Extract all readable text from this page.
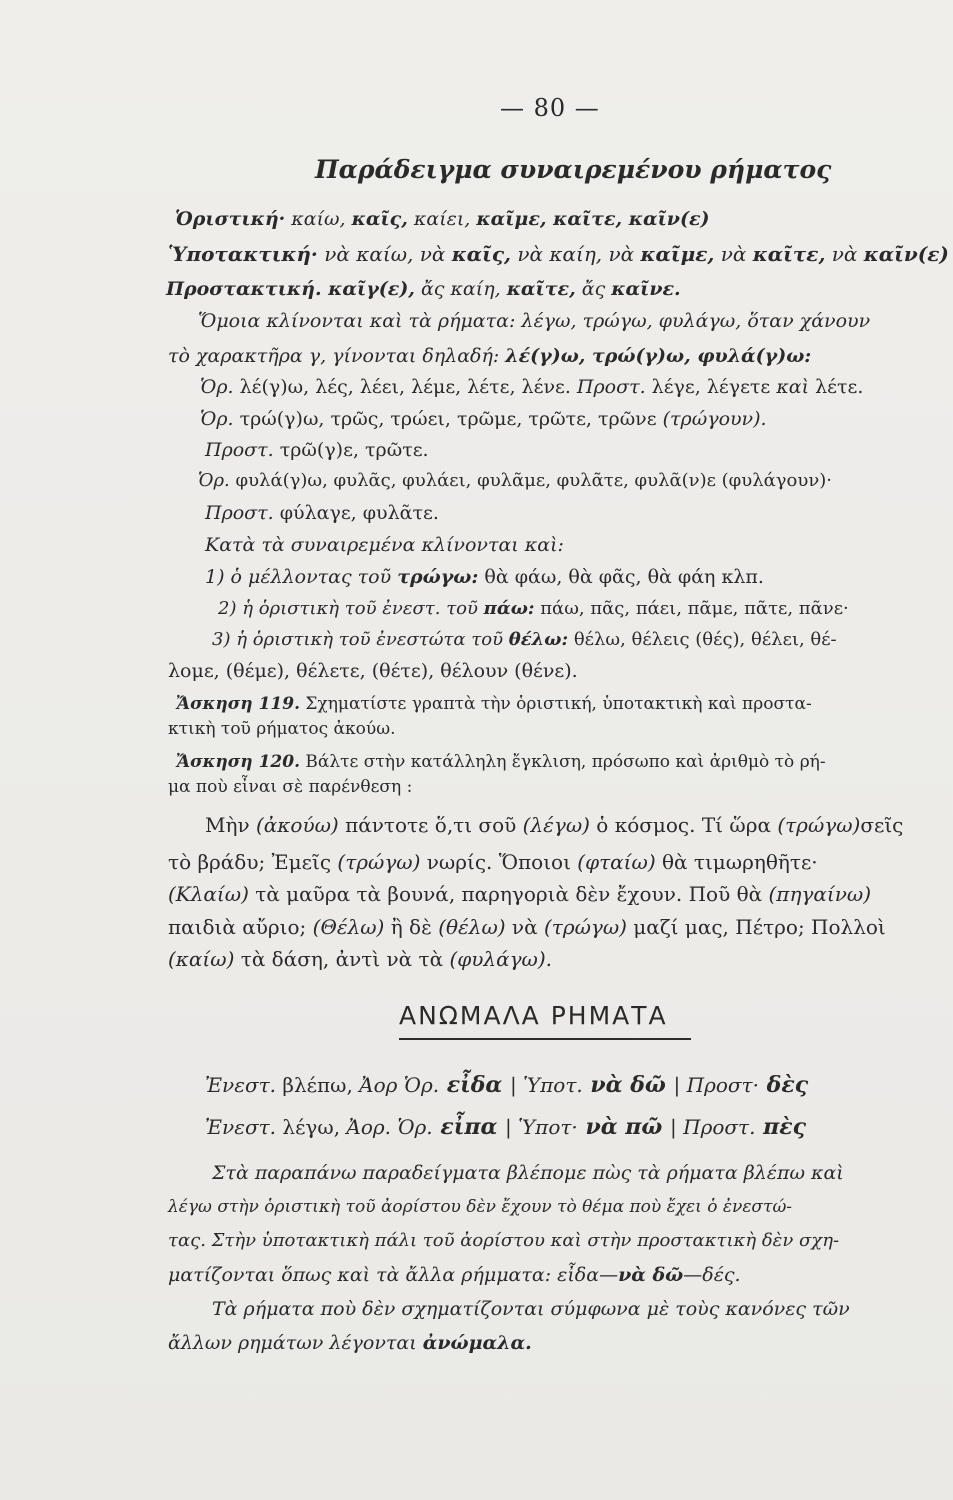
— 80 —
Παράδειγμα συναιρεμένου ρήματος
Ὁριστική· καίω, καῖς, καίει, καῖμε, καῖτε, καῖν(ε)
Ὑποτακτική· νὰ καίω, νὰ καῖς, νὰ καίη, νὰ καῖμε, νὰ καῖτε, νὰ καῖν(ε)
Προστακτική. καῖγ(ε), ἄς καίη, καῖτε, ἄς καῖνε.
Ὅμοια κλίνονται καὶ τὰ ρήματα: λέγω, τρώγω, φυλάγω, ὅταν χάνουν
τὸ χαρακτῆρα γ, γίνονται δηλαδή: λέ(γ)ω, τρώ(γ)ω, φυλά(γ)ω:
Ὁρ. λέ(γ)ω, λές, λέει, λέμε, λέτε, λένε. Προστ. λέγε, λέγετε καὶ λέτε.
Ὁρ. τρώ(γ)ω, τρῶς, τρώει, τρῶμε, τρῶτε, τρῶνε (τρώγουν).
Προστ. τρῶ(γ)ε, τρῶτε.
Ὁρ. φυλά(γ)ω, φυλᾶς, φυλάει, φυλᾶμε, φυλᾶτε, φυλᾶ(ν)ε (φυλάγουν)·
Προστ. φύλαγε, φυλᾶτε.
Κατὰ τὰ συναιρεμένα κλίνονται καὶ:
1) ὁ μέλλοντας τοῦ τρώγω: θὰ φάω, θὰ φᾶς, θὰ φάη κλπ.
2) ἡ ὁριστικὴ τοῦ ἐνεστ. τοῦ πάω: πάω, πᾶς, πάει, πᾶμε, πᾶτε, πᾶνε·
3) ἡ ὁριστικὴ τοῦ ἐνεστώτα τοῦ θέλω: θέλω, θέλεις (θές), θέλει, θέ-
λομε, (θέμε), θέλετε, (θέτε), θέλουν (θένε).
Ἄσκηση 119. Σχηματίστε γραπτὰ τὴν ὁριστική, ὑποτακτικὴ καὶ προστα-
κτικὴ τοῦ ρήματος ἀκούω.
Ἄσκηση 120. Βάλτε στὴν κατάλληλη ἔγκλιση, πρόσωπο καὶ ἀριθμὸ τὸ ρή-
μα ποὺ εἶναι σὲ παρένθεση :
Μὴν (ἀκούω) πάντοτε ὅ,τι σοῦ (λέγω) ὁ κόσμος. Τί ὥρα (τρώγω)σεῖς
τὸ βράδυ; Ἐμεῖς (τρώγω) νωρίς. Ὅποιοι (φταίω) θὰ τιμωρηθῆτε·
(Κλαίω) τὰ μαῦρα τὰ βουνά, παρηγοριὰ δὲν ἔχουν. Ποῦ θὰ (πηγαίνω)
παιδιὰ αὔριο; (Θέλω) ἢ δὲ (θέλω) νὰ (τρώγω) μαζί μας, Πέτρο; Πολλοὶ
(καίω) τὰ δάση, ἀντὶ νὰ τὰ (φυλάγω).
ΑΝΩΜΑΛΑ ΡΗΜΑΤΑ
Ἐνεστ. βλέπω, Ἀορ Ὁρ. εἶδα | Ὑποτ. νὰ δῶ | Προστ· δὲς
Ἐνεστ. λέγω, Ἀορ. Ὁρ. εἶπα | Ὑποτ· νὰ πῶ | Προστ. πὲς
Στὰ παραπάνω παραδείγματα βλέπομε πὼς τὰ ρήματα βλέπω καὶ
λέγω στὴν ὁριστικὴ τοῦ ἀορίστου δὲν ἔχουν τὸ θέμα ποὺ ἔχει ὁ ἐνεστώ-
τας. Στὴν ὑποτακτικὴ πάλι τοῦ ἀορίστου καὶ στὴν προστακτικὴ δὲν σχη-
ματίζονται ὅπως καὶ τὰ ἄλλα ρήμματα: εἶδα—νὰ δῶ—δές.
Τὰ ρήματα ποὺ δὲν σχηματίζονται σύμφωνα μὲ τοὺς κανόνες τῶν
ἄλλων ρημάτων λέγονται ἀνώμαλα.
